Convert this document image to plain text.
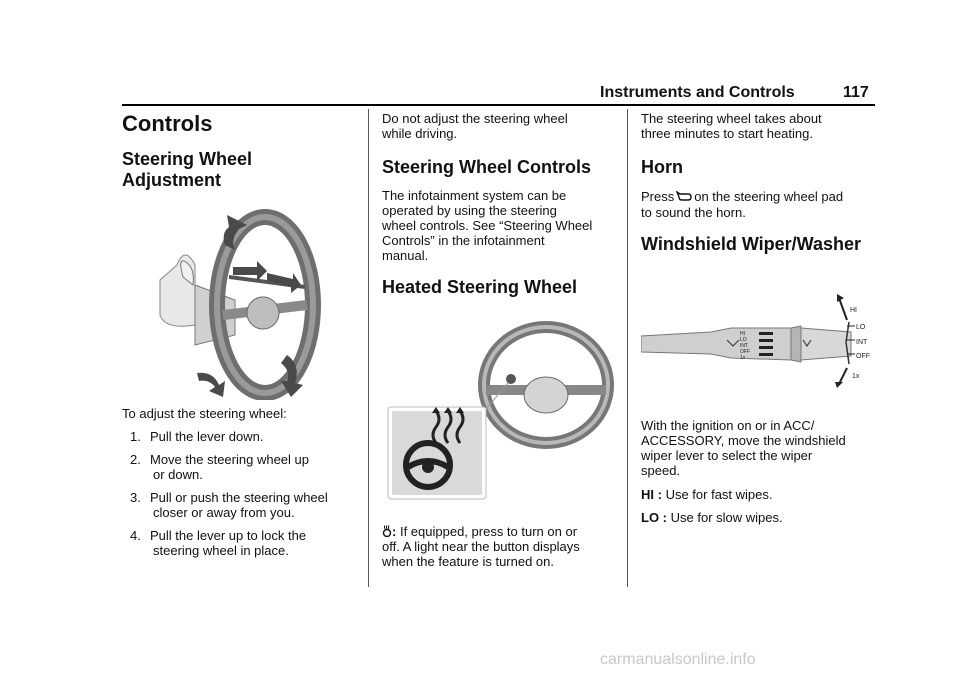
Instruments and Controls	117
Controls
Steering Wheel
Adjustment
To adjust the steering wheel:
1. Pull the lever down.
2. Move the steering wheel up
or down.
3. Pull or push the steering wheel
closer or away from you.
4. Pull the lever up to lock the
steering wheel in place.
Do not adjust the steering wheel
while driving.
Steering Wheel Controls
The infotainment system can be
operated by using the steering
wheel controls. See “Steering Wheel
Controls” in the infotainment
manual.
Heated Steering Wheel
: If equipped, press to turn on or
off. A light near the button displays
when the feature is turned on.
The steering wheel takes about
three minutes to start heating.
Horn
Press on the steering wheel pad
to sound the horn.
Windshield Wiper/Washer
HI
LO
INT
OFF
1x
HI
LO
INT
OFF
1x
With the ignition on or in ACC/
ACCESSORY, move the windshield
wiper lever to select the wiper
speed.
HI : Use for fast wipes.
LO : Use for slow wipes.
carmanualsonline.info
